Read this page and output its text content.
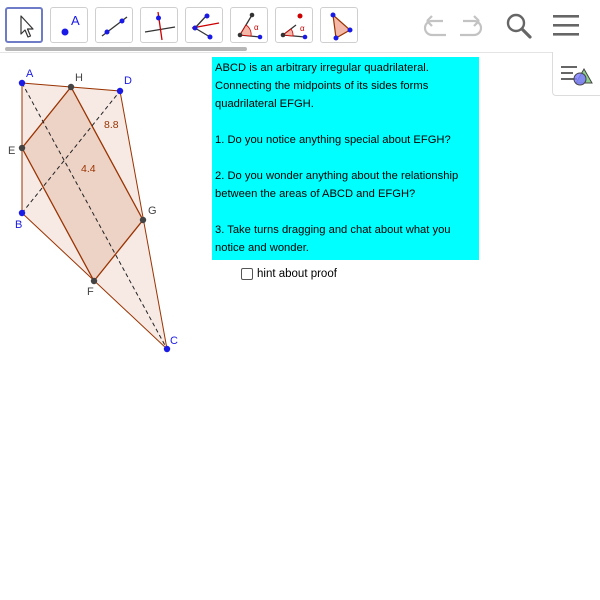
A	α	α
8.8
4.4
A
D
C
B
H
G
F
E

ABCD is an arbitrary irregular quadrilateral.

Connecting the midpoints of its sides forms

quadrilateral EFGH.

1. Do you notice anything special about EFGH?

2. Do you wonder anything about the relationship

between the areas of ABCD and EFGH?

3. Take turns dragging and chat about what you

notice and wonder.

hint about proof
